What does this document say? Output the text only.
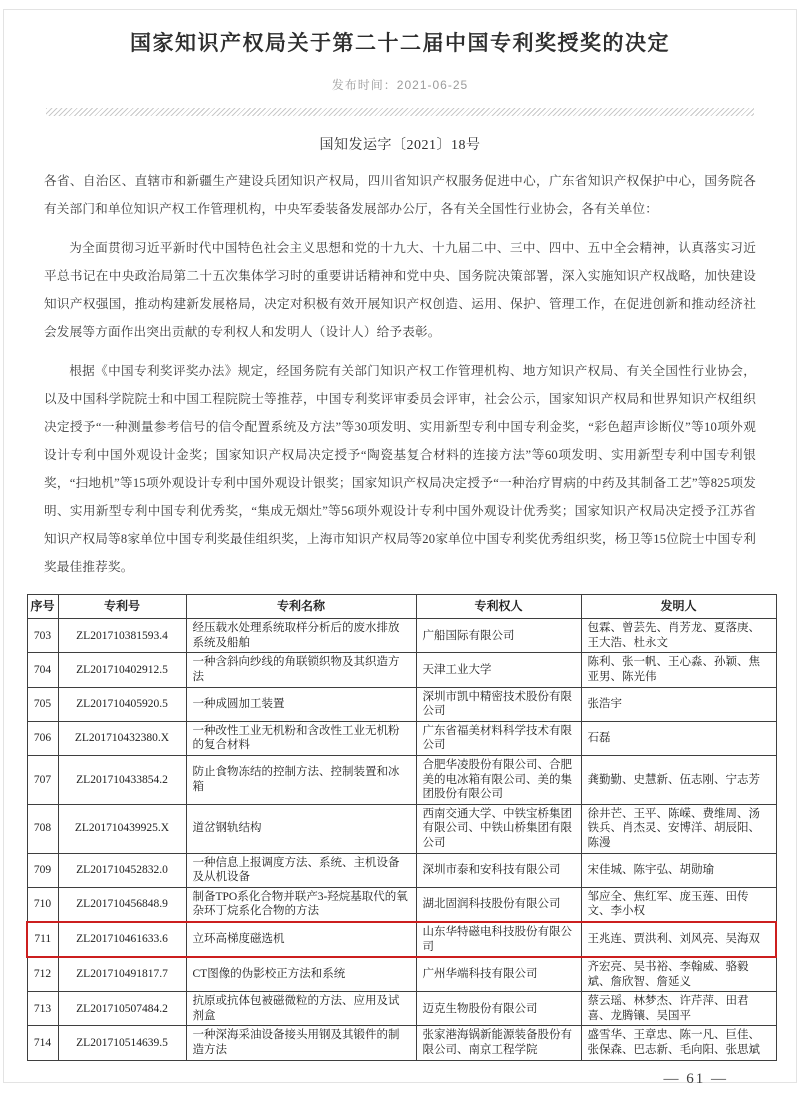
国家知识产权局关于第二十二届中国专利奖授奖的决定
发布时间：2021-06-25
国知发运字〔2021〕18号

各省、自治区、直辖市和新疆生产建设兵团知识产权局，四川省知识产权服务促进中心，广东省知识产权保护中心，国务院各有关部门和单位知识产权工作管理机构，中央军委装备发展部办公厅，各有关全国性行业协会，各有关单位：

为全面贯彻习近平新时代中国特色社会主义思想和党的十九大、十九届二中、三中、四中、五中全会精神，认真落实习近平总书记在中央政治局第二十五次集体学习时的重要讲话精神和党中央、国务院决策部署，深入实施知识产权战略，加快建设知识产权强国，推动构建新发展格局，决定对积极有效开展知识产权创造、运用、保护、管理工作，在促进创新和推动经济社会发展等方面作出突出贡献的专利权人和发明人（设计人）给予表彰。

根据《中国专利奖评奖办法》规定，经国务院有关部门知识产权工作管理机构、地方知识产权局、有关全国性行业协会，以及中国科学院院士和中国工程院院士等推荐，中国专利奖评审委员会评审，社会公示，国家知识产权局和世界知识产权组织决定授予“一种测量参考信号的信令配置系统及方法”等30项发明、实用新型专利中国专利金奖，“彩色超声诊断仪”等10项外观设计专利中国外观设计金奖；国家知识产权局决定授予“陶瓷基复合材料的连接方法”等60项发明、实用新型专利中国专利银奖，“扫地机”等15项外观设计专利中国外观设计银奖；国家知识产权局决定授予“一种治疗胃病的中药及其制备工艺”等825项发明、实用新型专利中国专利优秀奖，“集成无烟灶”等56项外观设计专利中国外观设计优秀奖；国家知识产权局决定授予江苏省知识产权局等8家单位中国专利奖最佳组织奖，上海市知识产权局等20家单位中国专利奖优秀组织奖，杨卫等15位院士中国专利奖最佳推荐奖。

序号	专利号	专利名称	专利权人	发明人
703	ZL201710381593.4	经压载水处理系统取样分析后的废水排放系统及船舶	广船国际有限公司	包霖、曾芸先、肖芳龙、夏落庚、王大浩、杜永文
704	ZL201710402912.5	一种含斜向纱线的角联锁织物及其织造方法	天津工业大学	陈利、张一帆、王心淼、孙颖、焦亚男、陈光伟
705	ZL201710405920.5	一种成圆加工装置	深圳市凯中精密技术股份有限公司	张浩宇
706	ZL201710432380.X	一种改性工业无机粉和含改性工业无机粉的复合材料	广东省福美材料科学技术有限公司	石磊
707	ZL201710433854.2	防止食物冻结的控制方法、控制装置和冰箱	合肥华凌股份有限公司、合肥美的电冰箱有限公司、美的集团股份有限公司	龚勤勤、史慧新、伍志刚、宁志芳
708	ZL201710439925.X	道岔钢轨结构	西南交通大学、中铁宝桥集团有限公司、中铁山桥集团有限公司	徐井芒、王平、陈嵘、费维周、汤铁兵、肖杰灵、安博洋、胡辰阳、陈漫
709	ZL201710452832.0	一种信息上报调度方法、系统、主机设备及从机设备	深圳市泰和安科技有限公司	宋佳城、陈宇弘、胡勋瑜
710	ZL201710456848.9	制备TPO系化合物并联产3-羟烷基取代的氧杂环丁烷系化合物的方法	湖北固润科技股份有限公司	邹应全、焦红军、庞玉莲、田传文、李小权
711	ZL201710461633.6	立环高梯度磁选机	山东华特磁电科技股份有限公司	王兆连、贾洪利、刘风亮、吴海双
712	ZL201710491817.7	CT图像的伪影校正方法和系统	广州华端科技有限公司	齐宏亮、吴书裕、李翰威、骆毅斌、詹欣智、詹延义
713	ZL201710507484.2	抗原或抗体包被磁微粒的方法、应用及试剂盒	迈克生物股份有限公司	蔡云瑶、林梦杰、许芹萍、田君喜、龙腾镶、吴国平
714	ZL201710514639.5	一种深海采油设备接头用钢及其锻件的制造方法	张家港海锅新能源装备股份有限公司、南京工程学院	盛雪华、王章忠、陈一凡、巨佳、张保森、巴志新、毛向阳、张思斌
— 61 —
